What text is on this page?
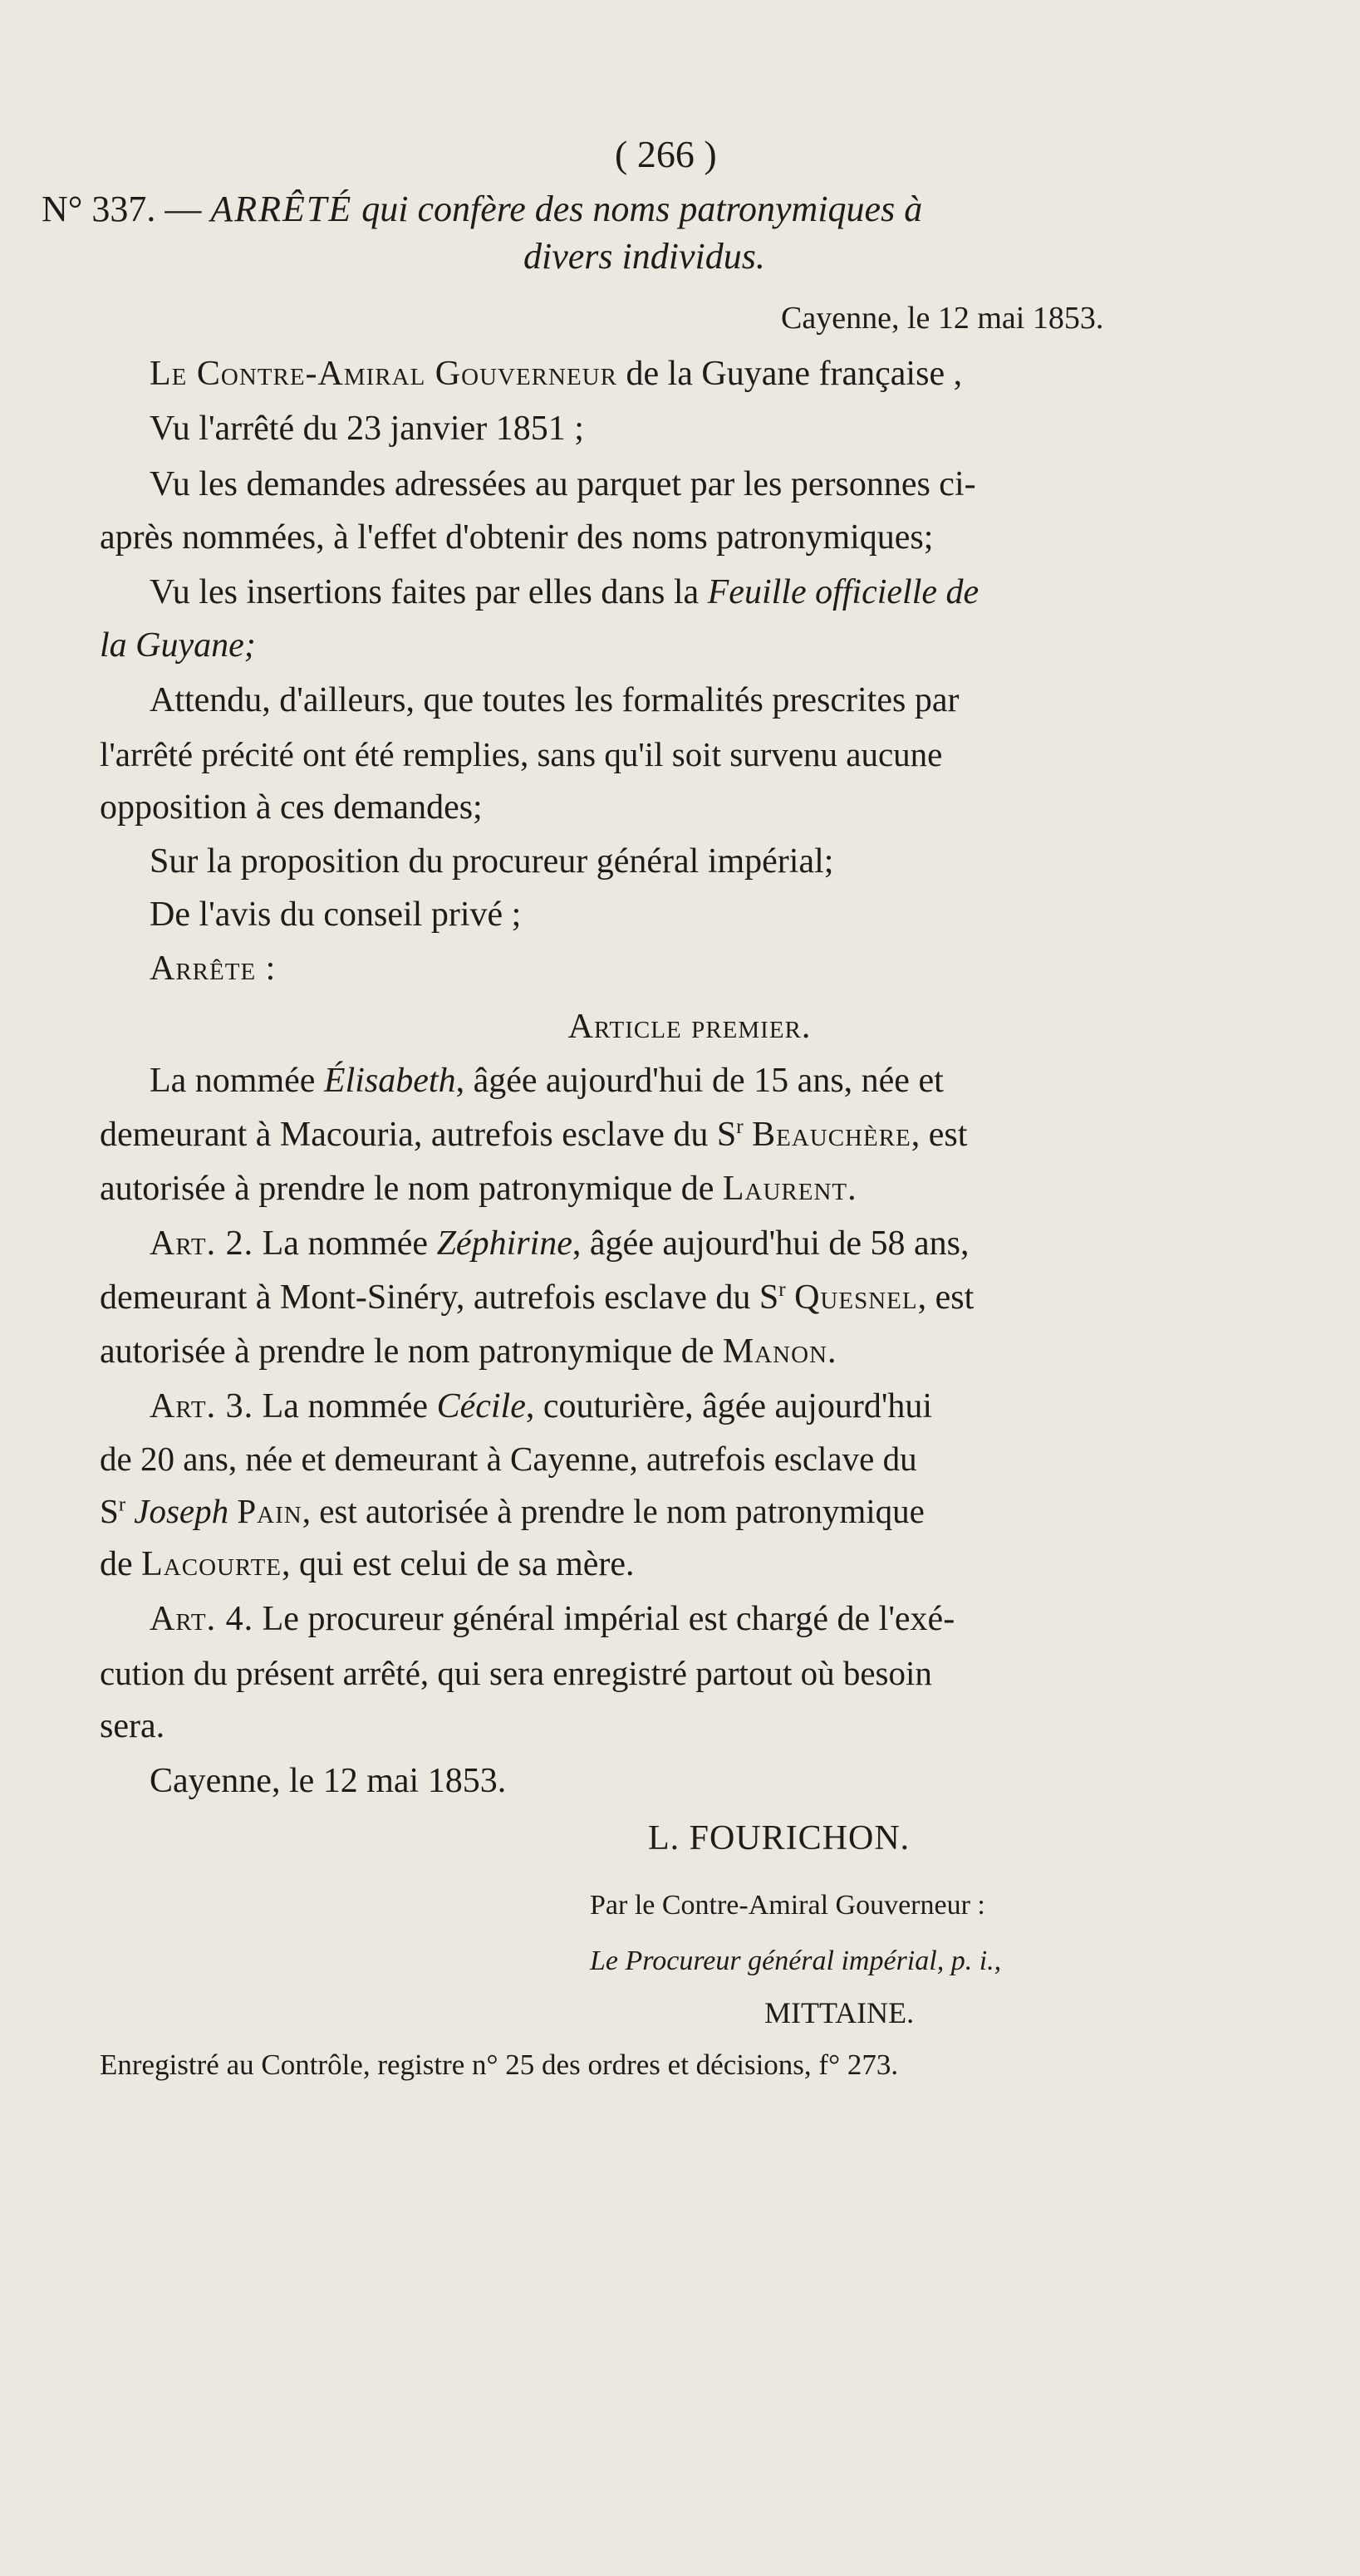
( 266 )
N° 337. — ARRÊTÉ qui confère des noms patronymiques à
divers individus.
Cayenne, le 12 mai 1853.
Le Contre-Amiral Gouverneur de la Guyane française ,
Vu l'arrêté du 23 janvier 1851 ;
Vu les demandes adressées au parquet par les personnes ci-
après nommées, à l'effet d'obtenir des noms patronymiques;
Vu les insertions faites par elles dans la Feuille officielle de
la Guyane;
Attendu, d'ailleurs, que toutes les formalités prescrites par
l'arrêté précité ont été remplies, sans qu'il soit survenu aucune
opposition à ces demandes;
Sur la proposition du procureur général impérial;
De l'avis du conseil privé ;
Arrête :
Article premier.
La nommée Élisabeth, âgée aujourd'hui de 15 ans, née et
demeurant à Macouria, autrefois esclave du $S^r$ Beauchère, est
autorisée à prendre le nom patronymique de Laurent.
Art. 2. La nommée Zéphirine, âgée aujourd'hui de 58 ans,
demeurant à Mont-Sinéry, autrefois esclave du $S^r$ Quesnel, est
autorisée à prendre le nom patronymique de Manon.
Art. 3. La nommée Cécile, couturière, âgée aujourd'hui
de 20 ans, née et demeurant à Cayenne, autrefois esclave du
$S^r$ Joseph Pain, est autorisée à prendre le nom patronymique
de Lacourte, qui est celui de sa mère.
Art. 4. Le procureur général impérial est chargé de l'exé-
cution du présent arrêté, qui sera enregistré partout où besoin
sera.
Cayenne, le 12 mai 1853.
L. FOURICHON.
Par le Contre-Amiral Gouverneur :
Le Procureur général impérial, p. i.,
MITTAINE.
Enregistré au Contrôle, registre n° 25 des ordres et décisions, f° 273.
